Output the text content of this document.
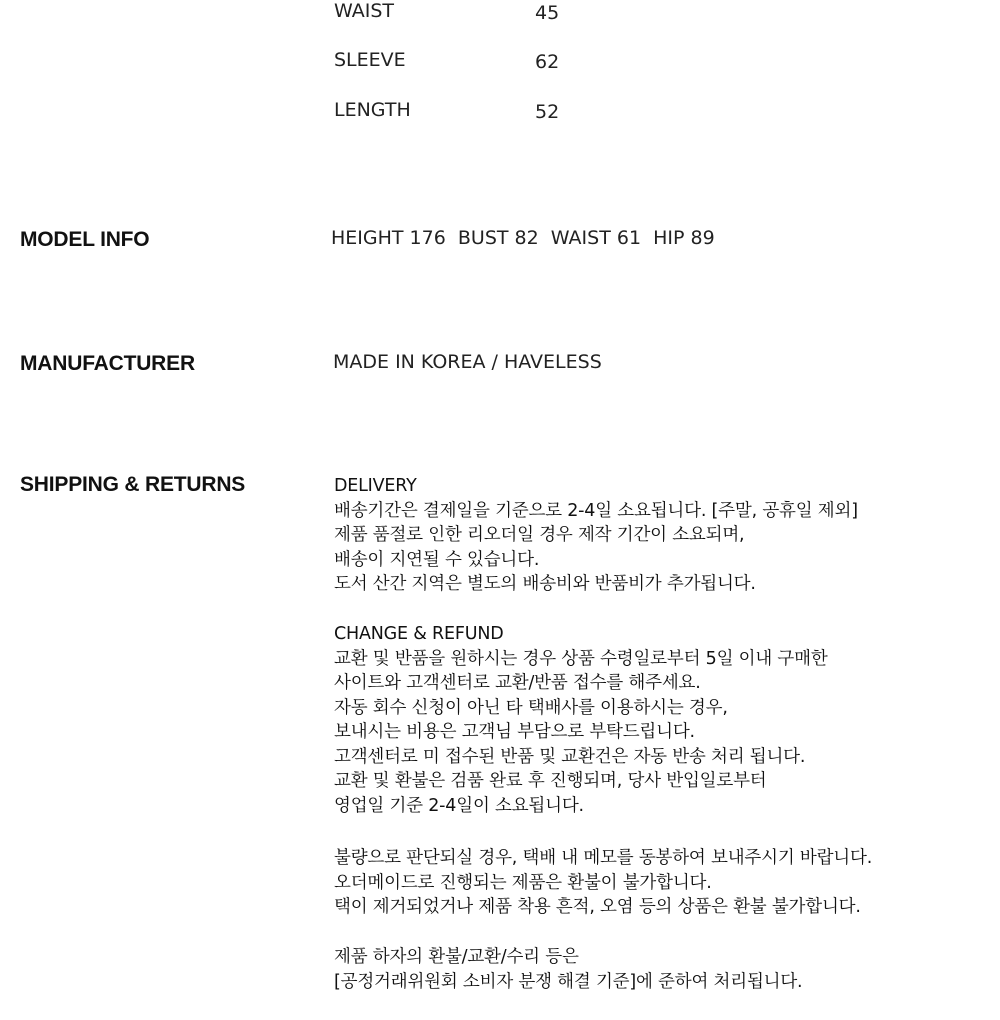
WAIST	45
SLEEVE	62
LENGTH	52
MODEL INFO	HEIGHT 176  BUST 82  WAIST 61  HIP 89
MANUFACTURER	MADE IN KOREA / HAVELESS
SHIPPING & RETURNS	DELIVERY
배송기간은 결제일을 기준으로 2-4일 소요됩니다. [주말, 공휴일 제외]
제품 품절로 인한 리오더일 경우 제작 기간이 소요되며,
배송이 지연될 수 있습니다.
도서 산간 지역은 별도의 배송비와 반품비가 추가됩니다.
CHANGE & REFUND
교환 및 반품을 원하시는 경우 상품 수령일로부터 5일 이내 구매한
사이트와 고객센터로 교환/반품 접수를 해주세요.
자동 회수 신청이 아닌 타 택배사를 이용하시는 경우,
보내시는 비용은 고객님 부담으로 부탁드립니다.
고객센터로 미 접수된 반품 및 교환건은 자동 반송 처리 됩니다.
교환 및 환불은 검품 완료 후 진행되며, 당사 반입일로부터
영업일 기준 2-4일이 소요됩니다.
불량으로 판단되실 경우, 택배 내 메모를 동봉하여 보내주시기 바랍니다.
오더메이드로 진행되는 제품은 환불이 불가합니다.
택이 제거되었거나 제품 착용 흔적, 오염 등의 상품은 환불 불가합니다.
제품 하자의 환불/교환/수리 등은
[공정거래위원회 소비자 분쟁 해결 기준]에 준하여 처리됩니다.
